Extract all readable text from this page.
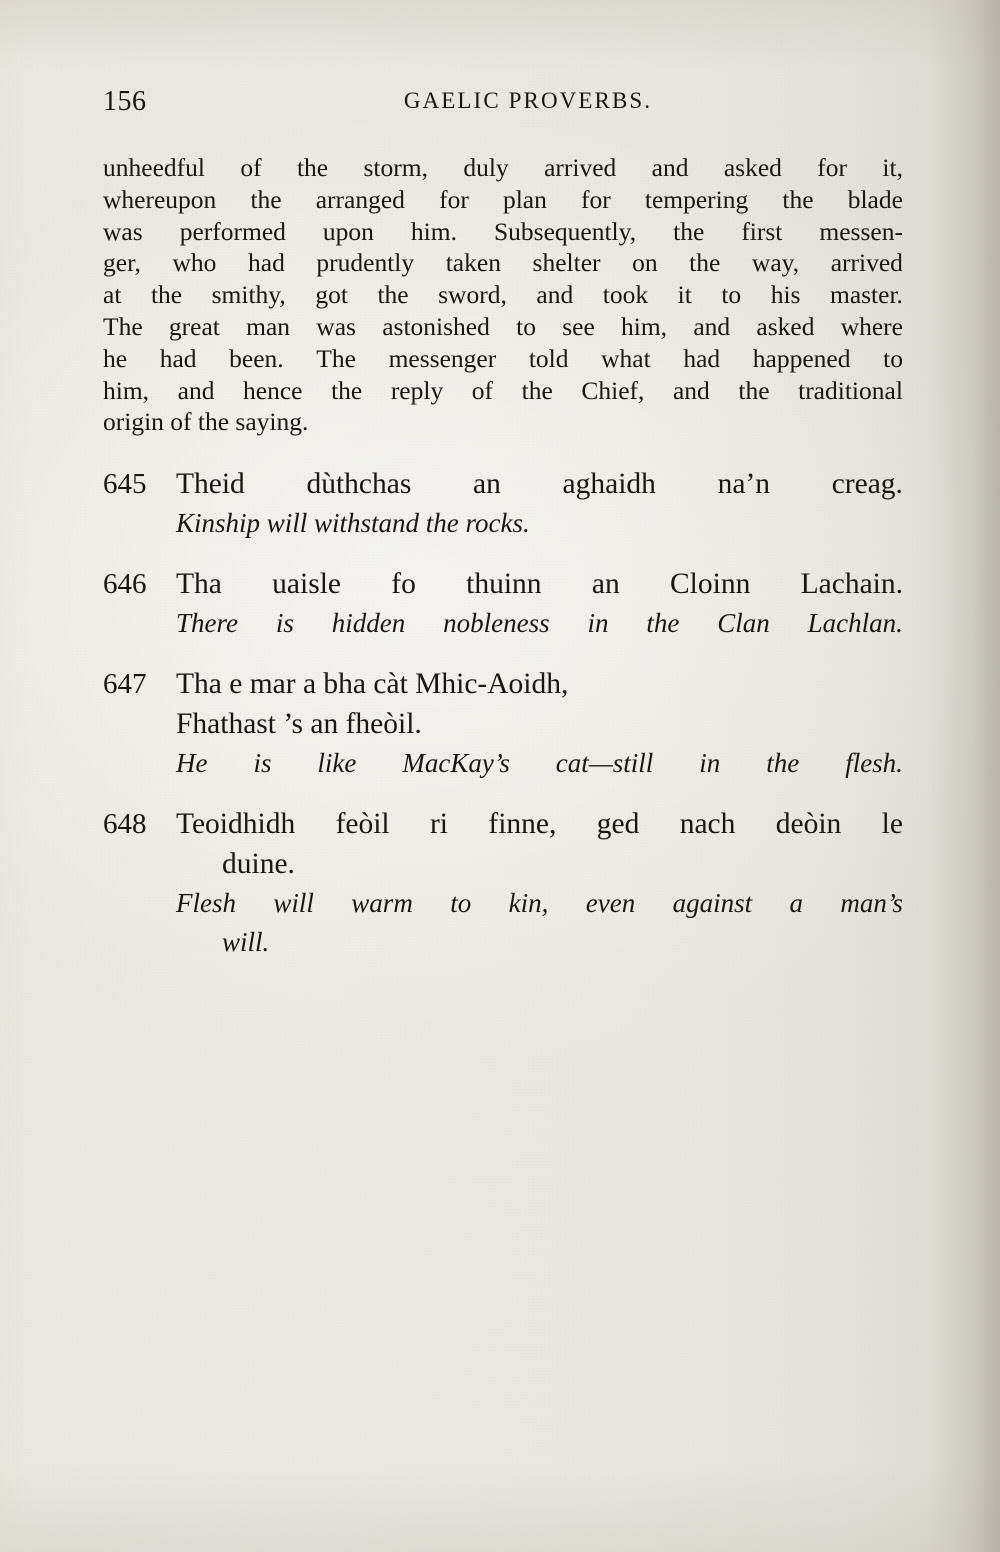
156	GAELIC PROVERBS.
unheedful of the storm, duly arrived and asked for it,
whereupon the arranged for plan for tempering the blade
was performed upon him. Subsequently, the first messen-
ger, who had prudently taken shelter on the way, arrived
at the smithy, got the sword, and took it to his master.
The great man was astonished to see him, and asked where
he had been. The messenger told what had happened to
him, and hence the reply of the Chief, and the traditional
origin of the saying.
645	Theid dùthchas an aghaidh na’n creag.
Kinship will withstand the rocks.
646	Tha uaisle fo thuinn an Cloinn Lachain.
There is hidden nobleness in the Clan Lachlan.
647	Tha e mar a bha càt Mhic-Aoidh,
Fhathast ’s an fheòil.
He is like MacKay’s cat—still in the flesh.
648	Teoidhidh feòil ri finne, ged nach deòin le
duine.
Flesh will warm to kin, even against a man’s
will.
